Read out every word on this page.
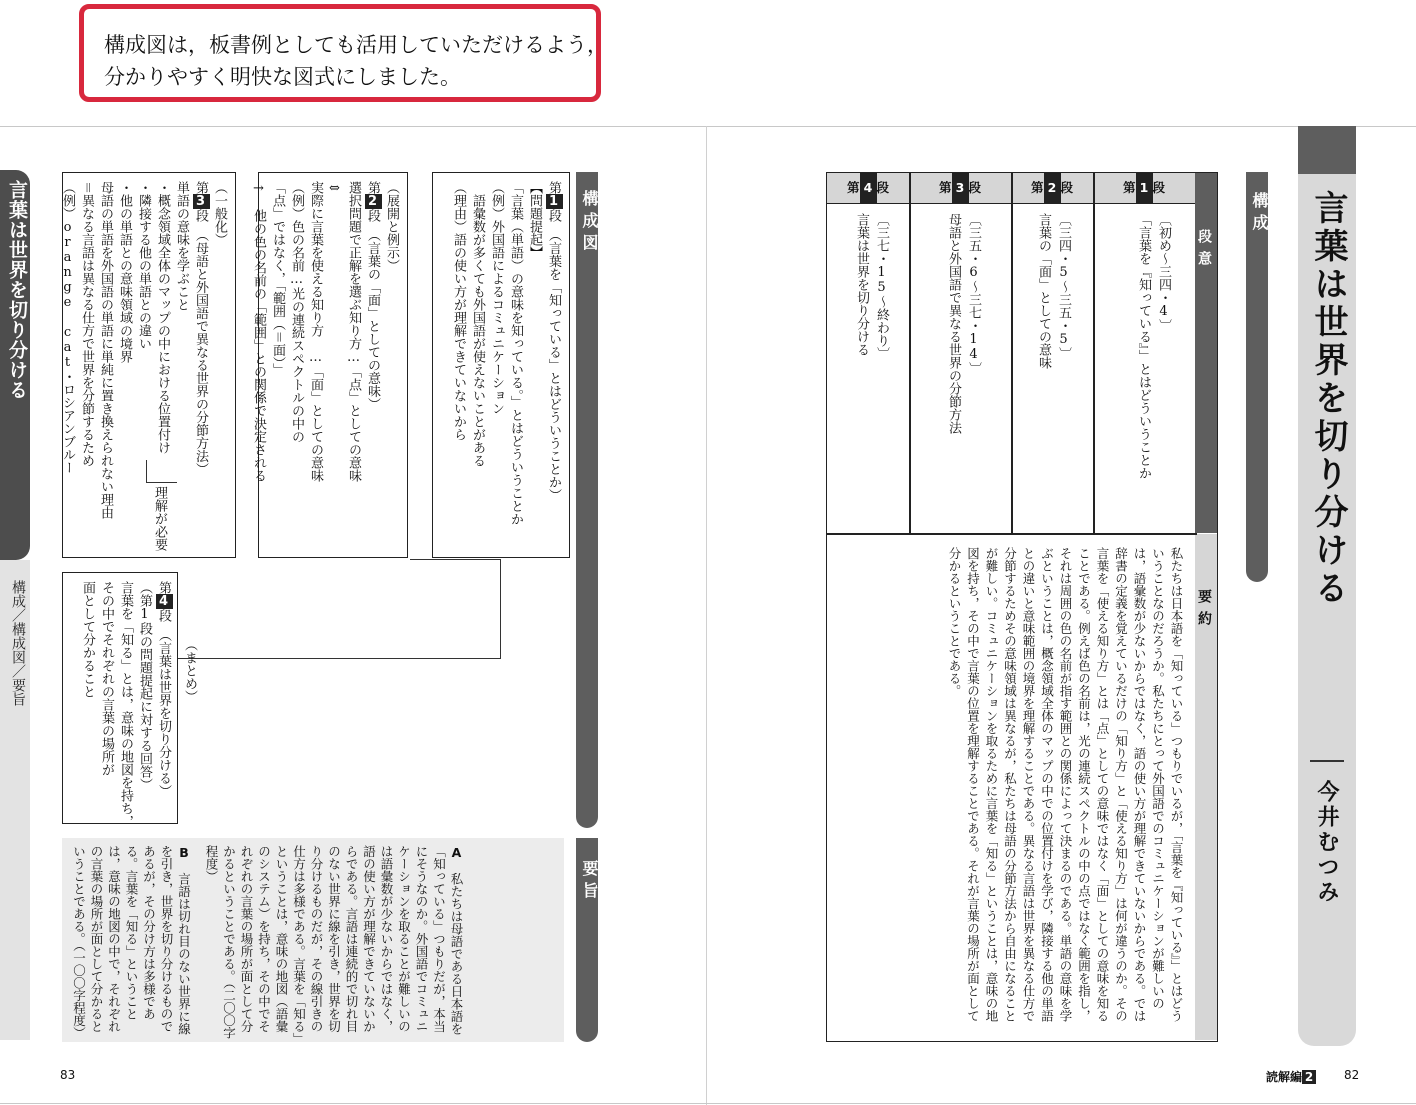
構成図は，板書例としても活用していただけるよう，
分かりやすく明快な図式にしました。
言葉は世界を切り分ける
構成／構成図／要旨
構成図
第1段　（言葉を「知っている」とはどういうことか）
【問題提起】
「言葉（単語）の意味を知っている。」とはどういうことか
（例）外国語によるコミュニケーション
　語彙数が多くても外国語が使えないことがある
（理由）語の使い方が理解できていないから
（展開と例示）
第2段　（言葉の「面」としての意味）
選択問題で正解を選ぶ知り方…「点」としての意味
⇔
実際に言葉を使える知り方　…「面」としての意味
（例）色の名前…光の連続スペクトルの中の
「点」ではなく，「範囲（＝面）」
→　他の色の名前の「範囲」との関係で決定される
（一般化）
第3段　（母語と外国語で異なる世界の分節方法）
単語の意味を学ぶこと
・概念領域全体のマップの中における位置付け
・隣接する他の単語との違い
・他の単語との意味領域の境界
母語の単語を外国語の単語に単純に置き換えられない理由
＝異なる言語は異なる仕方で世界を分節するため
（例）orange cat・ロシアンブルー
理解が必要
（まとめ）
第4段　（言葉は世界を切り分ける）
（第1段の問題提起に対する回答）
言葉を「知る」とは，意味の地図を持ち，
その中でそれぞれの言葉の場所が
面として分かること
要旨
A　私たちは母語である日本語を「知っている」つもりだが，本当にそうなのか。外国語でコミュニケーションを取ることが難しいのは語彙数が少ないからではなく，語の使い方が理解できていないからである。言語は連続的で切れ目のない世界に線を引き，世界を切り分けるものだが，その線引きの仕方は多様である。言葉を「知る」ということは，意味の地図（語彙のシステム）を持ち，その中でそれぞれの言葉の場所が面として分かるということである。（二〇〇字程度）
B　言語は切れ目のない世界に線を引き，世界を切り分けるものであるが，その分け方は多様である。言葉を「知る」ということは，意味の地図の中で，それぞれの言葉の場所が面として分かるということである。（一〇〇字程度）
83
言葉は世界を切り分ける
今井むつみ
構成
段意
要約
第 1 段
第 2 段
第 3 段
第 4 段
〔初め〜三四・4〕
「言葉を『知っている』」とはどういうことか
〔三四・5〜三五・5〕
言葉の「面」としての意味
〔三五・6〜三七・14〕
母語と外国語で異なる世界の分節方法
〔三七・15〜終わり〕
言葉は世界を切り分ける
私たちは日本語を「知っている」つもりでいるが，「言葉を『知っている』」とはどういうことなのだろうか。私たちにとって外国語でのコミュニケーションが難しいのは，語彙数が少ないからではなく，語の使い方が理解できていないからである。では辞書の定義を覚えているだけの「知り方」と「使える知り方」は何が違うのか。その言葉を「使える知り方」とは「点」としての意味ではなく「面」としての意味を知ることである。例えば色の名前は，光の連続スペクトルの中の点ではなく範囲を指し，それは周囲の色の名前が指す範囲との関係によって決まるのである。単語の意味を学ぶということは，概念領域全体のマップの中での位置付けを学び，隣接する他の単語との違いと意味範囲の境界を理解することである。異なる言語は世界を異なる仕方で分節するためその意味領域は異なるが，私たちは母語の分節方法から自由になることが難しい。コミュニケーションを取るために言葉を「知る」ということは，意味の地図を持ち，その中で言葉の位置を理解することである。それが言葉の場所が面として分かるということである。
読解編 2	82
